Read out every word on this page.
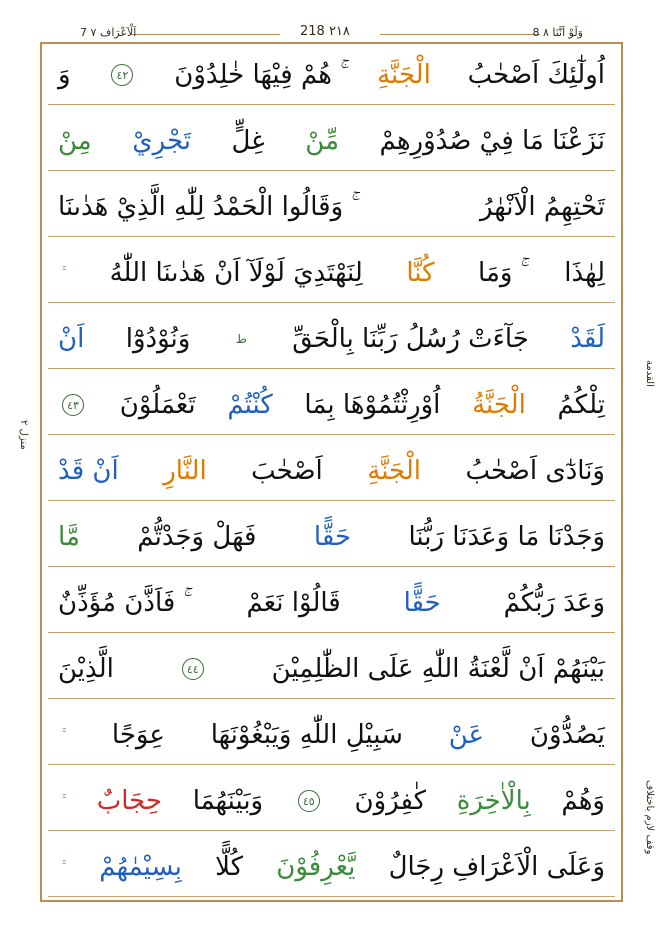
7 اَلْاَعْرَاف ٧	218 ٢١٨	8 وَلَوْ اَنَّنَا ٨
اُولٰٓئِكَ اَصْحٰبُ
الْجَنَّةِ
ۚ هُمْ فِيْهَا خٰلِدُوْنَ
٤٢
وَ
نَزَعْنَا مَا فِيْ صُدُوْرِهِمْ
مِّنْ
غِلٍّ
تَجْرِيْ
مِنْ
تَحْتِهِمُ الْاَنْهٰرُ
ۚ وَقَالُوا الْحَمْدُ لِلّٰهِ الَّذِيْ هَدٰىنَا
لِهٰذَا
ۚ وَمَا
كُنَّا
لِنَهْتَدِيَ لَوْلَآ اَنْ هَدٰىنَا اللّٰهُ
لَقَدْ
جَآءَتْ رُسُلُ رَبِّنَا بِالْحَقِّ
ط
وَنُوْدُوْٓا
اَنْ
تِلْكُمُ
الْجَنَّةُ
اُوْرِثْتُمُوْهَا بِمَا
كُنْتُمْ
تَعْمَلُوْنَ
٤٣
وَنَادٰٓى اَصْحٰبُ
الْجَنَّةِ
اَصْحٰبَ
النَّارِ
اَنْ قَدْ
وَجَدْنَا مَا وَعَدَنَا رَبُّنَا
حَقًّا
فَهَلْ وَجَدْتُّمْ
مَّا
وَعَدَ رَبُّكُمْ
حَقًّا
قَالُوْا نَعَمْ
ۚ فَاَذَّنَ مُؤَذِّنٌ
بَيْنَهُمْ اَنْ لَّعْنَةُ اللّٰهِ عَلَى الظّٰلِمِيْنَ
٤٤
الَّذِيْنَ
يَصُدُّوْنَ
عَنْ
سَبِيْلِ اللّٰهِ وَيَبْغُوْنَهَا
عِوَجًا
وَهُمْ
بِالْاٰخِرَةِ
كٰفِرُوْنَ
٤٥
وَبَيْنَهُمَا
حِجَابٌ
وَعَلَى الْاَعْرَافِ رِجَالٌ
يَّعْرِفُوْنَ
كُلًّا
بِسِيْمٰهُمْ
منزل ٢
القدمة
وقف لازم باختلاف
